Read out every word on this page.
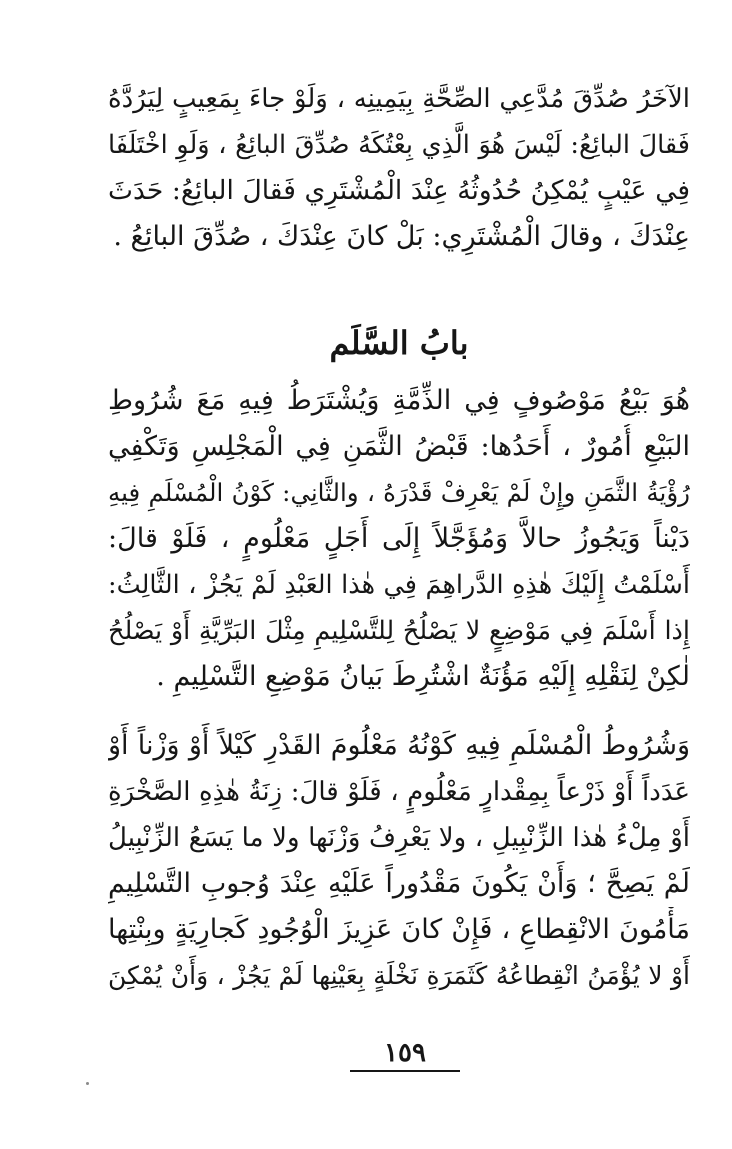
الآخَرُ صُدِّقَ مُدَّعِي الصِّحَّةِ بِيَمِينِه ، وَلَوْ جاءَ بِمَعِيبٍ لِيَرُدَّهُ
فَقالَ البائِعُ: لَيْسَ هُوَ الَّذِي بِعْتُكَهُ صُدِّقَ البائِعُ ، وَلَوِ اخْتَلَفَا
فِي عَيْبٍ يُمْكِنُ حُدُوثُهُ عِنْدَ الْمُشْتَرِي فَقالَ البائِعُ: حَدَثَ
عِنْدَكَ ، وقالَ الْمُشْتَرِي: بَلْ كانَ عِنْدَكَ ، صُدِّقَ البائِعُ .
بابُ السَّلَم
هُوَ بَيْعُ مَوْصُوفٍ فِي الذِّمَّةِ وَيُشْتَرَطُ فِيهِ مَعَ شُرُوطِ
البَيْعِ أُمُورٌ ، أَحَدُها: قَبْضُ الثَّمَنِ فِي الْمَجْلِسِ وَتَكْفِي
رُؤْيَةُ الثَّمَنِ وإِنْ لَمْ يَعْرِفْ قَدْرَهُ ، والثَّانِي: كَوْنُ الْمُسْلَمِ فِيهِ
دَيْناً وَيَجُوزُ حالاًّ وَمُؤَجَّلاً إِلَى أَجَلٍ مَعْلُومٍ ، فَلَوْ قالَ:
أَسْلَمْتُ إِلَيْكَ هٰذِهِ الدَّراهِمَ فِي هٰذا العَبْدِ لَمْ يَجُزْ ، الثَّالِثُ:
إِذا أَسْلَمَ فِي مَوْضِعٍ لا يَصْلُحُ لِلتَّسْلِيمِ مِثْلَ البَرِّيَّةِ أَوْ يَصْلُحُ
لٰكِنْ لِنَقْلِهِ إِلَيْهِ مَؤُنَةٌ اشْتُرِطَ بَيانُ مَوْضِعِ التَّسْلِيمِ .
وَشُرُوطُ الْمُسْلَمِ فِيهِ كَوْنُهُ مَعْلُومَ القَدْرِ كَيْلاً أَوْ وَزْناً أَوْ
عَدَداً أَوْ ذَرْعاً بِمِقْدارٍ مَعْلُومٍ ، فَلَوْ قالَ: زِنَةُ هٰذِهِ الصَّخْرَةِ
أَوْ مِلْءُ هٰذا الزِّنْبِيلِ ، ولا يَعْرِفُ وَزْنَها ولا ما يَسَعُ الزِّنْبِيلُ
لَمْ يَصِحَّ ؛ وَأَنْ يَكُونَ مَقْدُوراً عَلَيْهِ عِنْدَ وُجوبِ التَّسْلِيمِ
مَأْمُونَ الانْقِطاعِ ، فَإِنْ كانَ عَزِيزَ الْوُجُودِ كَجارِيَةٍ وبِنْتِها
أَوْ لا يُؤْمَنُ انْقِطاعُهُ كَثَمَرَةِ نَخْلَةٍ بِعَيْنِها لَمْ يَجُزْ ، وَأَنْ يُمْكِنَ
١٥٩
